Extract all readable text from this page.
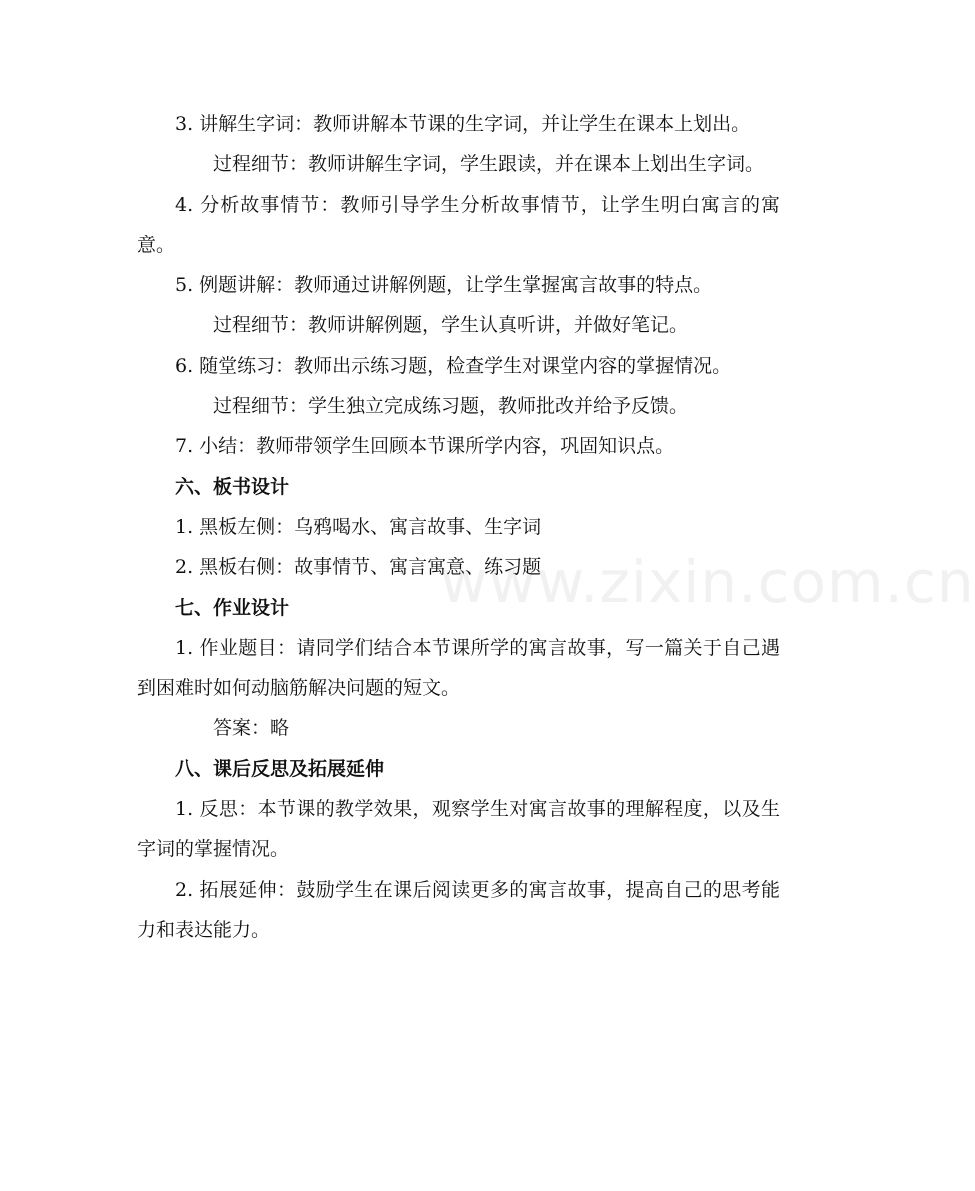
www.zixin.com.cn

3. 讲解生字词：教师讲解本节课的生字词，并让学生在课本上划出。

过程细节：教师讲解生字词，学生跟读，并在课本上划出生字词。

4. 分析故事情节：教师引导学生分析故事情节，让学生明白寓言的寓意。

5. 例题讲解：教师通过讲解例题，让学生掌握寓言故事的特点。

过程细节：教师讲解例题，学生认真听讲，并做好笔记。

6. 随堂练习：教师出示练习题，检查学生对课堂内容的掌握情况。

过程细节：学生独立完成练习题，教师批改并给予反馈。

7. 小结：教师带领学生回顾本节课所学内容，巩固知识点。

六、板书设计

1. 黑板左侧：乌鸦喝水、寓言故事、生字词

2. 黑板右侧：故事情节、寓言寓意、练习题

七、作业设计

1. 作业题目：请同学们结合本节课所学的寓言故事，写一篇关于自己遇到困难时如何动脑筋解决问题的短文。

答案：略

八、课后反思及拓展延伸

1. 反思：本节课的教学效果，观察学生对寓言故事的理解程度，以及生字词的掌握情况。

2. 拓展延伸：鼓励学生在课后阅读更多的寓言故事，提高自己的思考能力和表达能力。
